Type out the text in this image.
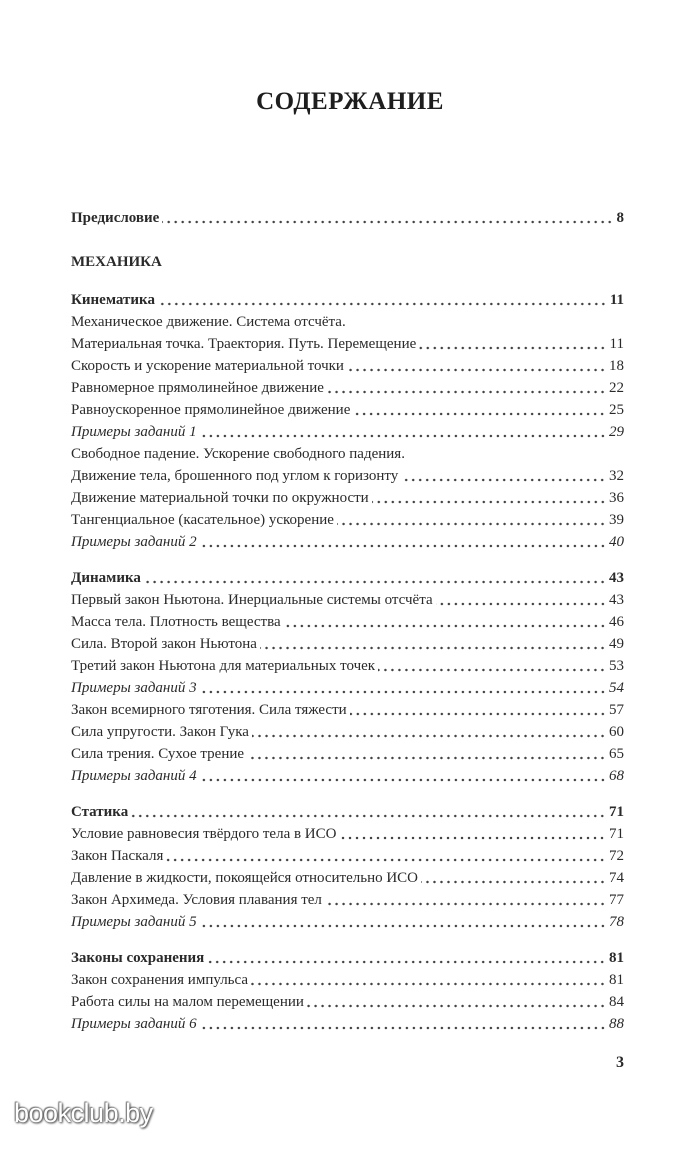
СОДЕРЖАНИЕ
Предисловие	8
МЕХАНИКА
Кинематика	11
Механическое движение. Система отсчёта.
Материальная точка. Траектория. Путь. Перемещение	11
Скорость и ускорение материальной точки	18
Равномерное прямолинейное движение	22
Равноускоренное прямолинейное движение	25
Примеры заданий 1	29
Свободное падение. Ускорение свободного падения.
Движение тела, брошенного под углом к горизонту	32
Движение материальной точки по окружности	36
Тангенциальное (касательное) ускорение	39
Примеры заданий 2	40
Динамика	43
Первый закон Ньютона. Инерциальные системы отсчёта	43
Масса тела. Плотность вещества	46
Сила. Второй закон Ньютона	49
Третий закон Ньютона для материальных точек	53
Примеры заданий 3	54
Закон всемирного тяготения. Сила тяжести	57
Сила упругости. Закон Гука	60
Сила трения. Сухое трение	65
Примеры заданий 4	68
Статика	71
Условие равновесия твёрдого тела в ИСО	71
Закон Паскаля	72
Давление в жидкости, покоящейся относительно ИСО	74
Закон Архимеда. Условия плавания тел	77
Примеры заданий 5	78
Законы сохранения	81
Закон сохранения импульса	81
Работа силы на малом перемещении	84
Примеры заданий 6	88
3
bookclub.by
